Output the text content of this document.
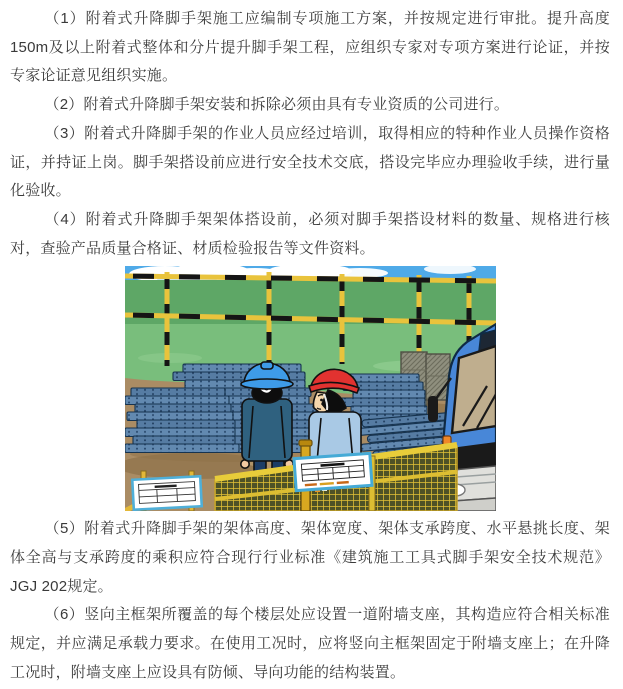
（1）附着式升降脚手架施工应编制专项施工方案，并按规定进行审批。提升高度150m及以上附着式整体和分片提升脚手架工程，应组织专家对专项方案进行论证，并按专家论证意见组织实施。

（2）附着式升降脚手架安装和拆除必须由具有专业资质的公司进行。

（3）附着式升降脚手架的作业人员应经过培训，取得相应的特种作业人员操作资格证，并持证上岗。脚手架搭设前应进行安全技术交底，搭设完毕应办理验收手续，进行量化验收。

（4）附着式升降脚手架架体搭设前，必须对脚手架搭设材料的数量、规格进行核对，查验产品质量合格证、材质检验报告等文件资料。

（5）附着式升降脚手架的架体高度、架体宽度、架体支承跨度、水平悬挑长度、架体全高与支承跨度的乘积应符合现行行业标准《建筑施工工具式脚手架安全技术规范》JGJ 202规定。

（6）竖向主框架所覆盖的每个楼层处应设置一道附墙支座，其构造应符合相关标准规定，并应满足承载力要求。在使用工况时，应将竖向主框架固定于附墙支座上；在升降工况时，附墙支座上应设具有防倾、导向功能的结构装置。
